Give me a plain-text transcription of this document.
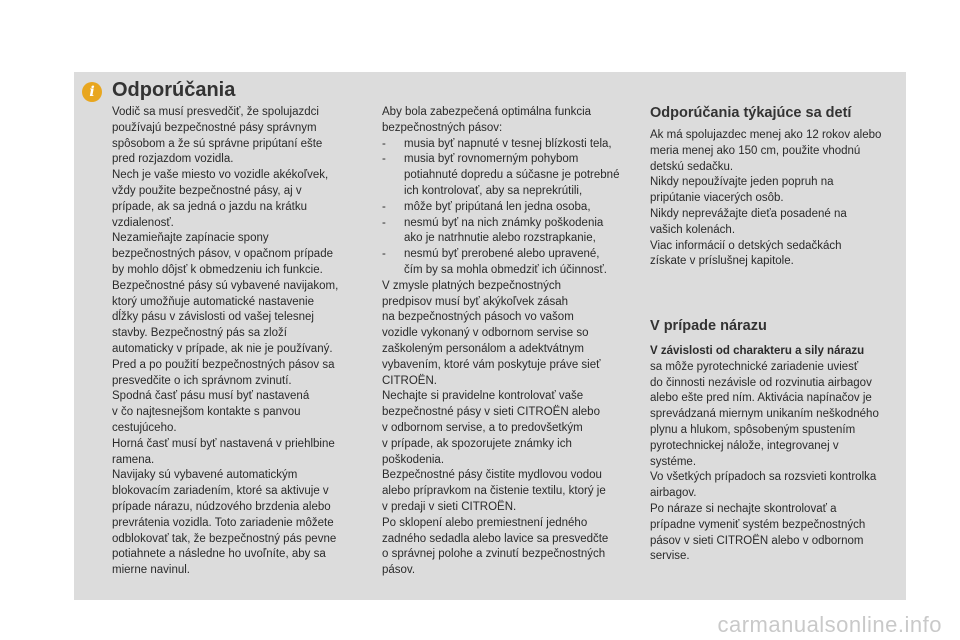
i Odporúčania

Vodič sa musí presvedčiť, že spolujazdci

používajú bezpečnostné pásy správnym

spôsobom a že sú správne pripútaní ešte

pred rozjazdom vozidla.

Nech je vaše miesto vo vozidle akékoľvek,

vždy použite bezpečnostné pásy, aj v

prípade, ak sa jedná o jazdu na krátku

vzdialenosť.

Nezamieňajte zapínacie spony

bezpečnostných pásov, v opačnom prípade

by mohlo dôjsť k obmedzeniu ich funkcie.

Bezpečnostné pásy sú vybavené navijakom,

ktorý umožňuje automatické nastavenie

dĺžky pásu v závislosti od vašej telesnej

stavby. Bezpečnostný pás sa zloží

automaticky v prípade, ak nie je používaný.

Pred a po použití bezpečnostných pásov sa

presvedčite o ich správnom zvinutí.

Spodná časť pásu musí byť nastavená

v čo najtesnejšom kontakte s panvou

cestujúceho.

Horná časť musí byť nastavená v priehlbine

ramena.

Navijaky sú vybavené automatickým

blokovacím zariadením, ktoré sa aktivuje v

prípade nárazu, núdzového brzdenia alebo

prevrátenia vozidla. Toto zariadenie môžete

odblokovať tak, že bezpečnostný pás pevne

potiahnete a následne ho uvoľníte, aby sa

mierne navinul.

Aby bola zabezpečená optimálna funkcia

bezpečnostných pásov:

- musia byť napnuté v tesnej blízkosti tela,
- musia byť rovnomerným pohybom
potiahnuté dopredu a súčasne je potrebné
ich kontrolovať, aby sa neprekrútili,
- môže byť pripútaná len jedna osoba,
- nesmú byť na nich známky poškodenia
ako je natrhnutie alebo rozstrapkanie,
- nesmú byť prerobené alebo upravené,
čím by sa mohla obmedziť ich účinnosť.

V zmysle platných bezpečnostných

predpisov musí byť akýkoľvek zásah

na bezpečnostných pásoch vo vašom

vozidle vykonaný v odbornom servise so

zaškoleným personálom a adektvátnym

vybavením, ktoré vám poskytuje práve sieť

CITROËN.

Nechajte si pravidelne kontrolovať vaše

bezpečnostné pásy v sieti CITROËN alebo

v odbornom servise, a to predovšetkým

v prípade, ak spozorujete známky ich

poškodenia.

Bezpečnostné pásy čistite mydlovou vodou

alebo prípravkom na čistenie textilu, ktorý je

v predaji v sieti CITROËN.

Po sklopení alebo premiestnení jedného

zadného sedadla alebo lavice sa presvedčte

o správnej polohe a zvinutí bezpečnostných

pásov.

Odporúčania týkajúce sa detí

Ak má spolujazdec menej ako 12 rokov alebo

meria menej ako 150 cm, použite vhodnú

detskú sedačku.

Nikdy nepoužívajte jeden popruh na

pripútanie viacerých osôb.

Nikdy neprevážajte dieťa posadené na

vašich kolenách.

Viac informácií o detských sedačkách

získate v príslušnej kapitole.

V prípade nárazu

V závislosti od charakteru a sily nárazu

sa môže pyrotechnické zariadenie uviesť

do činnosti nezávisle od rozvinutia airbagov

alebo ešte pred ním. Aktivácia napínačov je

sprevádzaná miernym unikaním neškodného

plynu a hlukom, spôsobeným spustením

pyrotechnickej náložе, integrovanej v

systéme.

Vo všetkých prípadoch sa rozsvieti kontrolka

airbagov.

Po náraze si nechajte skontrolovať a

prípadne vymeniť systém bezpečnostných

pásov v sieti CITROËN alebo v odbornom

servise.

carmanualsonline.info
